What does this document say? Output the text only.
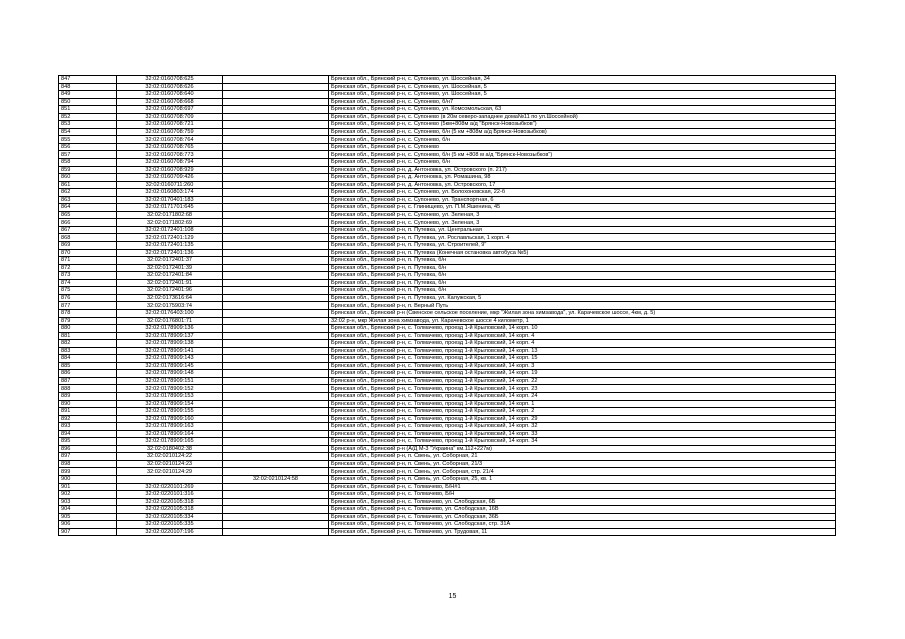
847	32:02:0160708:625		Брянская обл., Брянский р-н, с. Супонево, ул. Шоссейная, 34
848	32:02:0160708:626		Брянская обл., Брянский р-н, с. Супонево, ул. Шоссейная, 5
849	32:02:0160708:640		Брянская обл., Брянский р-н, с. Супонево, ул. Шоссейная, 5
850	32:02:0160708:668		Брянская обл., Брянский р-н, с. Супонево, б/н7
851	32:02:0160708:697		Брянская обл., Брянский р-н, с. Супонево, ул. Комсомольская, 63
852	32:02:0160708:709		Брянская обл., Брянский р-н, с. Супонево (в 20м северо-западнее дома№11 по ул.Шоссейной)
853	32:02:0160708:721		Брянская обл., Брянский р-н, с. Супонево (5км+808м а/д "Брянск-Новозыбков")
854	32:02:0160708:759		Брянская обл., Брянский р-н, с. Супонево, б/н (5 км +808м а/д Брянск-Новозыбков)
855	32:02:0160708:764		Брянская обл., Брянский р-н, с. Супонево, б/н
856	32:02:0160708:765		Брянская обл., Брянский р-н, с. Супонево
857	32:02:0160708:773		Брянская обл., Брянский р-н, с. Супонево, б/н (5 км +808 м а/д "Брянск-Новозыбков")
858	32:02:0160708:794		Брянская обл., Брянский р-н, с. Супонево, б/н
859	32:02:0160708:929		Брянская обл., Брянский р-н, д. Антоновка, ул. Островского (п. 217)
860	32:02:0160709:426		Брянская обл., Брянский р-н, д. Антоновка, ул. Ромашина, 98
861	32:02:0160711:260		Брянская обл., Брянский р-н, д. Антоновка, ул. Островского, 17
862	32:02:0160803:174		Брянская обл., Брянский р-н, с. Супонево, ул. Болохоновская, 22-б
863	32:02:0170401:183		Брянская обл., Брянский р-н, с. Супонево, ул. Транспортная, 6
864	32:02:0171701:645		Брянская обл., Брянский р-н, с. Глинищево, ул. П.М.Яшенина, 45
865	32:02:0171802:68		Брянская обл., Брянский р-н, с. Супонево, ул. Зеленая, 3
866	32:02:0171802:69		Брянская обл., Брянский р-н, с. Супонево, ул. Зеленая, 3
867	32:02:0172401:108		Брянская обл., Брянский р-н, п. Путевка, ул. Центральная
868	32:02:0172401:129		Брянская обл., Брянский р-н, п. Путевка, ул. Рославльская, 1 корп. 4
869	32:02:0172401:135		Брянская обл., Брянский р-н, п. Путевка, ул. Строителей, 9"
870	32:02:0172401:136		Брянская обл., Брянский р-н, п. Путевка (Конечная остановка автобуса №5)
871	32:02:0172401:37		Брянская обл., Брянский р-н, п. Путевка, б/н
872	32:02:0172401:39		Брянская обл., Брянский р-н, п. Путевка, б/н
873	32:02:0172401:84		Брянская обл., Брянский р-н, п. Путевка, б/н
874	32:02:0172401:91		Брянская обл., Брянский р-н, п. Путевка, б/н
875	32:02:0172401:96		Брянская обл., Брянский р-н, п. Путевка, б/н
876	32:02:0173616:64		Брянская обл., Брянский р-н, п. Путевка, ул. Калужская, 5
877	32:02:0175903:74		Брянская обл., Брянский р-н, п. Верный Путь
878	32:02:0176403:100		Брянская обл., Брянский р-н (Свенское сельское поселение, мкр "Жилая зона химзавода", ул. Карачевское шоссе, 4км, д. 5)
879	32:02:0176801:71		32:02 р-н, мкр Жилая зона химзавода, ул. Карачевское шоссе 4 километр, 1
880	32:02:0178909:136		Брянская обл., Брянский р-н, с. Толмачево, проезд 1-й Крыловский, 14 корп. 10
881	32:02:0178909:137		Брянская обл., Брянский р-н, с. Толмачево, проезд 1-й Крыловский, 14 корп. 4
882	32:02:0178909:138		Брянская обл., Брянский р-н, с. Толмачево, проезд 1-й Крыловский, 14 корп. 4
883	32:02:0178909:141		Брянская обл., Брянский р-н, с. Толмачево, проезд 1-й Крыловский, 14 корп. 13
884	32:02:0178909:143		Брянская обл., Брянский р-н, с. Толмачево, проезд 1-й Крыловский, 14 корп. 15
885	32:02:0178909:145		Брянская обл., Брянский р-н, с. Толмачево, проезд 1-й Крыловский, 14 корп. 3
886	32:02:0178909:148		Брянская обл., Брянский р-н, с. Толмачево, проезд 1-й Крыловский, 14 корп. 19
887	32:02:0178909:151		Брянская обл., Брянский р-н, с. Толмачево, проезд 1-й Крыловский, 14 корп. 22
888	32:02:0178909:152		Брянская обл., Брянский р-н, с. Толмачево, проезд 1-й Крыловский, 14 корп. 23
889	32:02:0178909:153		Брянская обл., Брянский р-н, с. Толмачево, проезд 1-й Крыловский, 14 корп. 24
890	32:02:0178909:154		Брянская обл., Брянский р-н, с. Толмачево, проезд 1-й Крыловский, 14 корп. 1
891	32:02:0178909:155		Брянская обл., Брянский р-н, с. Толмачево, проезд 1-й Крыловский, 14 корп. 2
892	32:02:0178909:160		Брянская обл., Брянский р-н, с. Толмачево, проезд 1-й Крыловский, 14 корп. 29
893	32:02:0178909:163		Брянская обл., Брянский р-н, с. Толмачево, проезд 1-й Крыловский, 14 корп. 32
894	32:02:0178909:164		Брянская обл., Брянский р-н, с. Толмачево, проезд 1-й Крыловский, 14 корп. 33
895	32:02:0178909:165		Брянская обл., Брянский р-н, с. Толмачево, проезд 1-й Крыловский, 14 корп. 34
896	32:02:0180402:38		Брянская обл., Брянский р-н (А/Д М-3 "Украина" км.112+227м)
897	32:02:0210124:22		Брянская обл., Брянский р-н, п. Свень, ул. Соборная, 21
898	32:02:0210124:23		Брянская обл., Брянский р-н, п. Свень, ул. Соборная, 21/3
899	32:02:0210124:29		Брянская обл., Брянский р-н, п. Свень, ул. Соборная, стр. 21/4
900		32:02:0210124:58	Брянская обл., Брянский р-н, п. Свень, ул. Соборная, 25, кв. 1
901	32:02:0220101:269		Брянская обл., Брянский р-н, с. Толмачево, Б/Н#1
902	32:02:0220101:316		Брянская обл., Брянский р-н, с. Толмачево, Б/Н
903	32:02:0220105:318		Брянская обл., Брянский р-н, с. Толмачево, ул. Слободская, 6Б
904	32:02:0220105:318		Брянская обл., Брянский р-н, с. Толмачево, ул. Слободская, 16В
905	32:02:0220105:334		Брянская обл., Брянский р-н, с. Толмачево, ул. Слободская, 36Б
906	32:02:0220105:335		Брянская обл., Брянский р-н, с. Толмачево, ул. Слободская, стр. 31А
907	32:02:0220107:196		Брянская обл., Брянский р-н, с. Толмачево, ул. Трудовая, 11
15
